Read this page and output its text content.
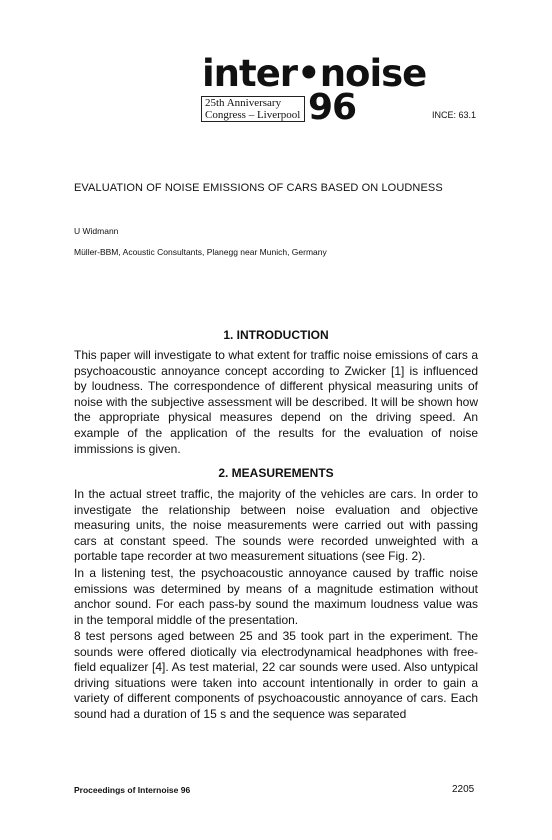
inter•noise
25th Anniversary
Congress – Liverpool 96	INCE: 63.1
EVALUATION OF NOISE EMISSIONS OF CARS BASED ON LOUDNESS
U Widmann
Müller-BBM, Acoustic Consultants, Planegg near Munich, Germany
1. INTRODUCTION

This paper will investigate to what extent for traffic noise emissions of cars a psychoacoustic annoyance concept according to Zwicker [1] is influenced by loudness. The correspondence of different physical measuring units of noise with the subjective assessment will be described. It will be shown how the appropriate physical measures depend on the driving speed. An example of the application of the results for the evaluation of noise immissions is given.

2. MEASUREMENTS

In the actual street traffic, the majority of the vehicles are cars. In order to investigate the relationship between noise evaluation and objective measuring units, the noise measurements were carried out with passing cars at constant speed. The sounds were recorded unweighted with a portable tape recorder at two measurement situations (see Fig. 2).

In a listening test, the psychoacoustic annoyance caused by traffic noise emissions was determined by means of a magnitude estimation without anchor sound. For each pass-by sound the maximum loudness value was in the temporal middle of the presentation.

8 test persons aged between 25 and 35 took part in the experiment. The sounds were offered diotically via electrodynamical headphones with free-field equalizer [4]. As test material, 22 car sounds were used. Also untypical driving situations were taken into account intentionally in order to gain a variety of different components of psychoacoustic annoyance of cars. Each sound had a duration of 15 s and the sequence was separated

Proceedings of Internoise 96	2205
